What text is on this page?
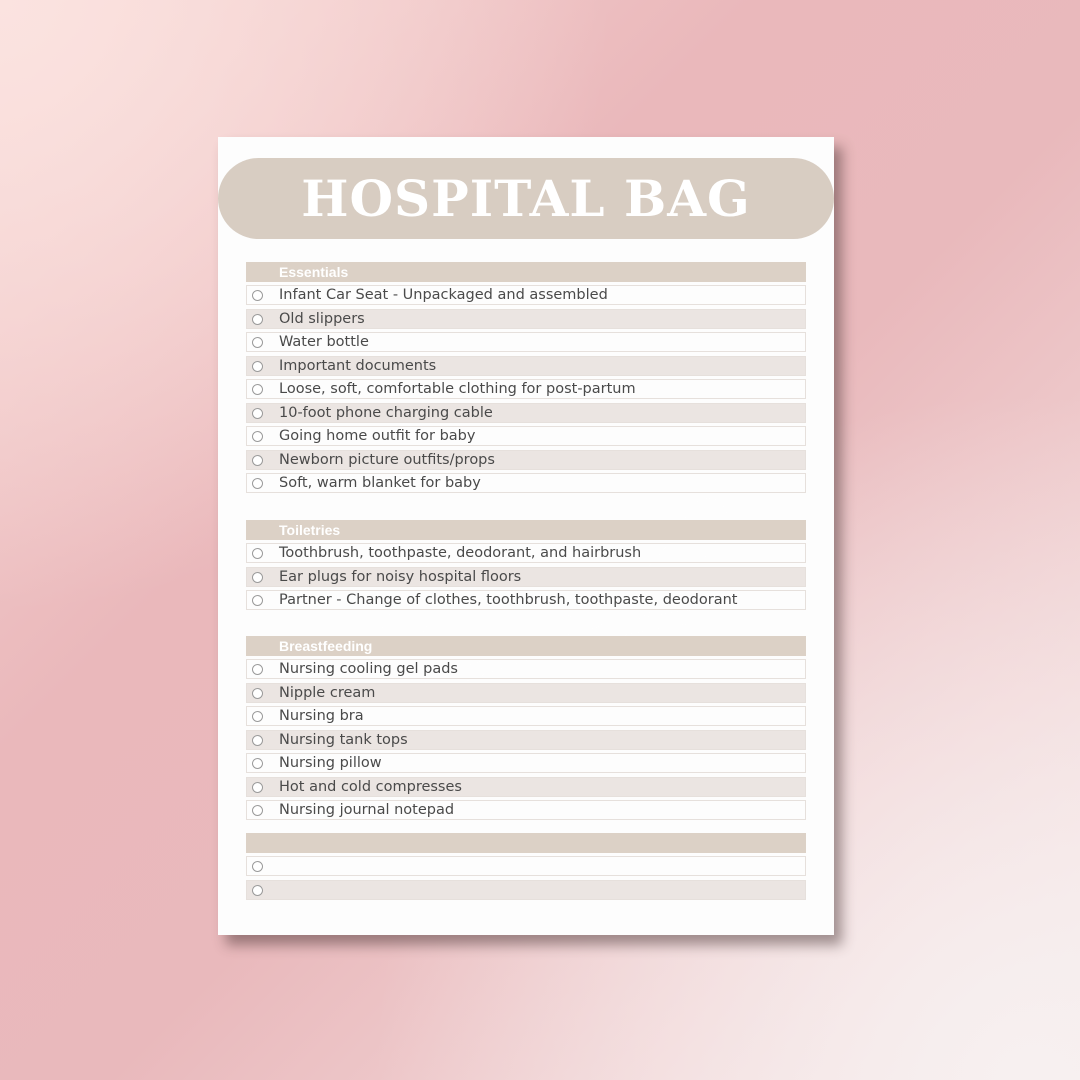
HOSPITAL BAG
Essentials
Infant Car Seat - Unpackaged and assembled
Old slippers
Water bottle
Important documents
Loose, soft, comfortable clothing for post-partum
10-foot phone charging cable
Going home outfit for baby
Newborn picture outfits/props
Soft, warm blanket for baby
Toiletries
Toothbrush, toothpaste, deodorant, and hairbrush
Ear plugs for noisy hospital floors
Partner - Change of clothes, toothbrush, toothpaste, deodorant
Breastfeeding
Nursing cooling gel pads
Nipple cream
Nursing bra
Nursing tank tops
Nursing pillow
Hot and cold compresses
Nursing journal notepad
